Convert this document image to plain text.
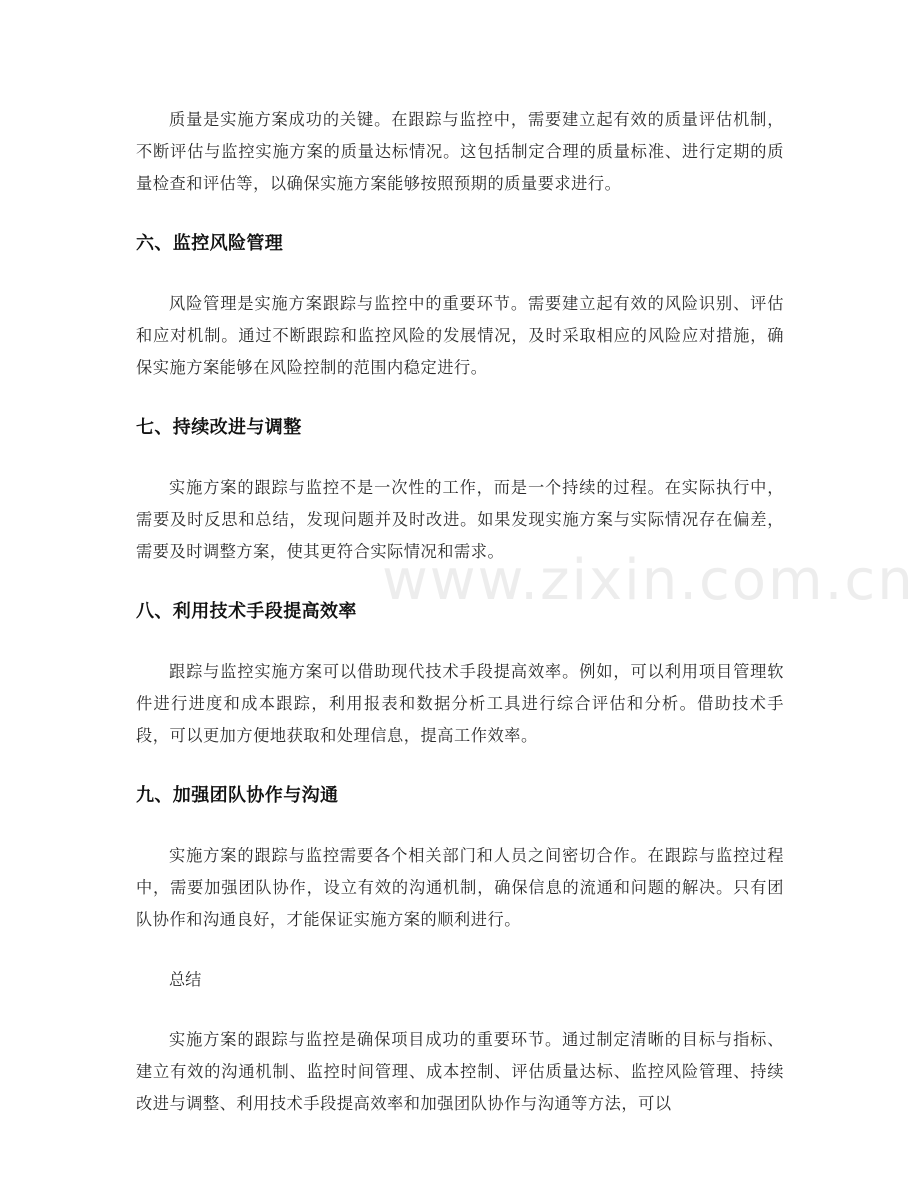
质量是实施方案成功的关键。在跟踪与监控中，需要建立起有效的质量评估机制，不断评估与监控实施方案的质量达标情况。这包括制定合理的质量标准、进行定期的质量检查和评估等，以确保实施方案能够按照预期的质量要求进行。

六、监控风险管理

风险管理是实施方案跟踪与监控中的重要环节。需要建立起有效的风险识别、评估和应对机制。通过不断跟踪和监控风险的发展情况，及时采取相应的风险应对措施，确保实施方案能够在风险控制的范围内稳定进行。

七、持续改进与调整

实施方案的跟踪与监控不是一次性的工作，而是一个持续的过程。在实际执行中，需要及时反思和总结，发现问题并及时改进。如果发现实施方案与实际情况存在偏差，需要及时调整方案，使其更符合实际情况和需求。

八、利用技术手段提高效率

跟踪与监控实施方案可以借助现代技术手段提高效率。例如，可以利用项目管理软件进行进度和成本跟踪，利用报表和数据分析工具进行综合评估和分析。借助技术手段，可以更加方便地获取和处理信息，提高工作效率。

九、加强团队协作与沟通

实施方案的跟踪与监控需要各个相关部门和人员之间密切合作。在跟踪与监控过程中，需要加强团队协作，设立有效的沟通机制，确保信息的流通和问题的解决。只有团队协作和沟通良好，才能保证实施方案的顺利进行。

总结

实施方案的跟踪与监控是确保项目成功的重要环节。通过制定清晰的目标与指标、建立有效的沟通机制、监控时间管理、成本控制、评估质量达标、监控风险管理、持续改进与调整、利用技术手段提高效率和加强团队协作与沟通等方法，可以

www.zixin.com.cn
